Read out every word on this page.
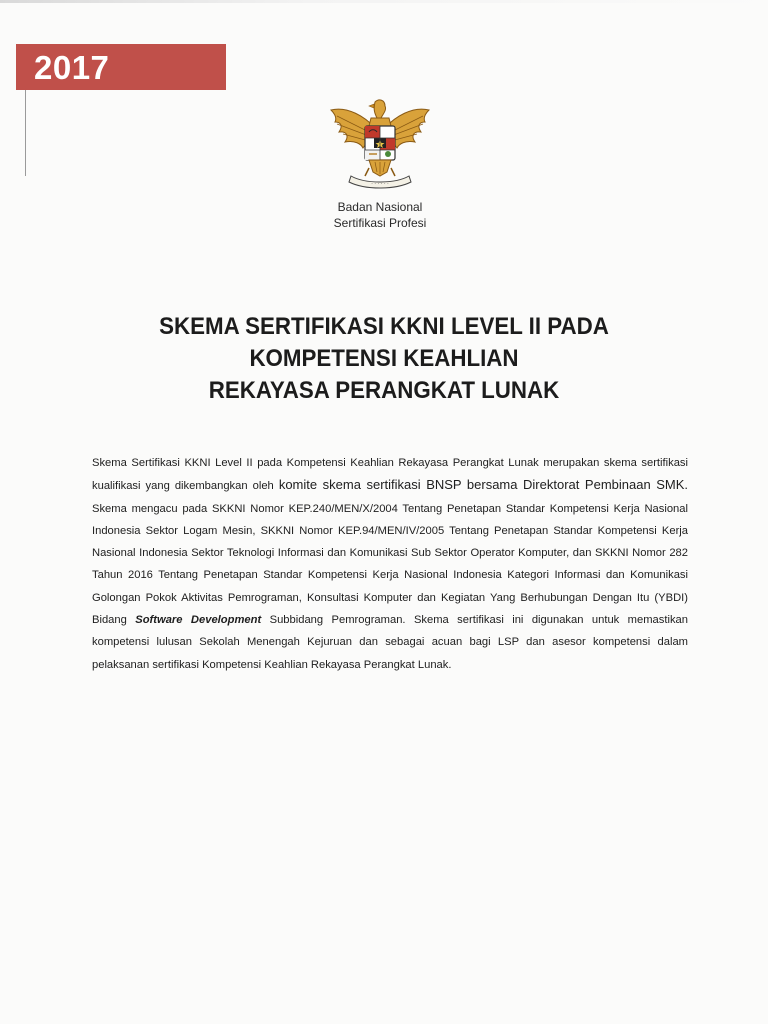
2017
· · · · · ·
Badan Nasional
Sertifikasi Profesi
SKEMA SERTIFIKASI KKNI LEVEL II PADA
KOMPETENSI KEAHLIAN
REKAYASA PERANGKAT LUNAK
Skema Sertifikasi KKNI Level II pada Kompetensi Keahlian Rekayasa Perangkat Lunak merupakan skema sertifikasi kualifikasi yang dikembangkan oleh komite skema sertifikasi BNSP bersama Direktorat Pembinaan SMK. Skema mengacu pada SKKNI Nomor KEP.240/MEN/X/2004 Tentang Penetapan Standar Kompetensi Kerja Nasional Indonesia Sektor Logam Mesin, SKKNI Nomor KEP.94/MEN/IV/2005 Tentang Penetapan Standar Kompetensi Kerja Nasional Indonesia Sektor Teknologi Informasi dan Komunikasi Sub Sektor Operator Komputer, dan SKKNI Nomor 282 Tahun 2016 Tentang Penetapan Standar Kompetensi Kerja Nasional Indonesia Kategori Informasi dan Komunikasi Golongan Pokok Aktivitas Pemrograman, Konsultasi Komputer dan Kegiatan Yang Berhubungan Dengan Itu (YBDI) Bidang Software Development Subbidang Pemrograman. Skema sertifikasi ini digunakan untuk memastikan kompetensi lulusan Sekolah Menengah Kejuruan dan sebagai acuan bagi LSP dan asesor kompetensi dalam pelaksanan sertifikasi Kompetensi Keahlian Rekayasa Perangkat Lunak.
